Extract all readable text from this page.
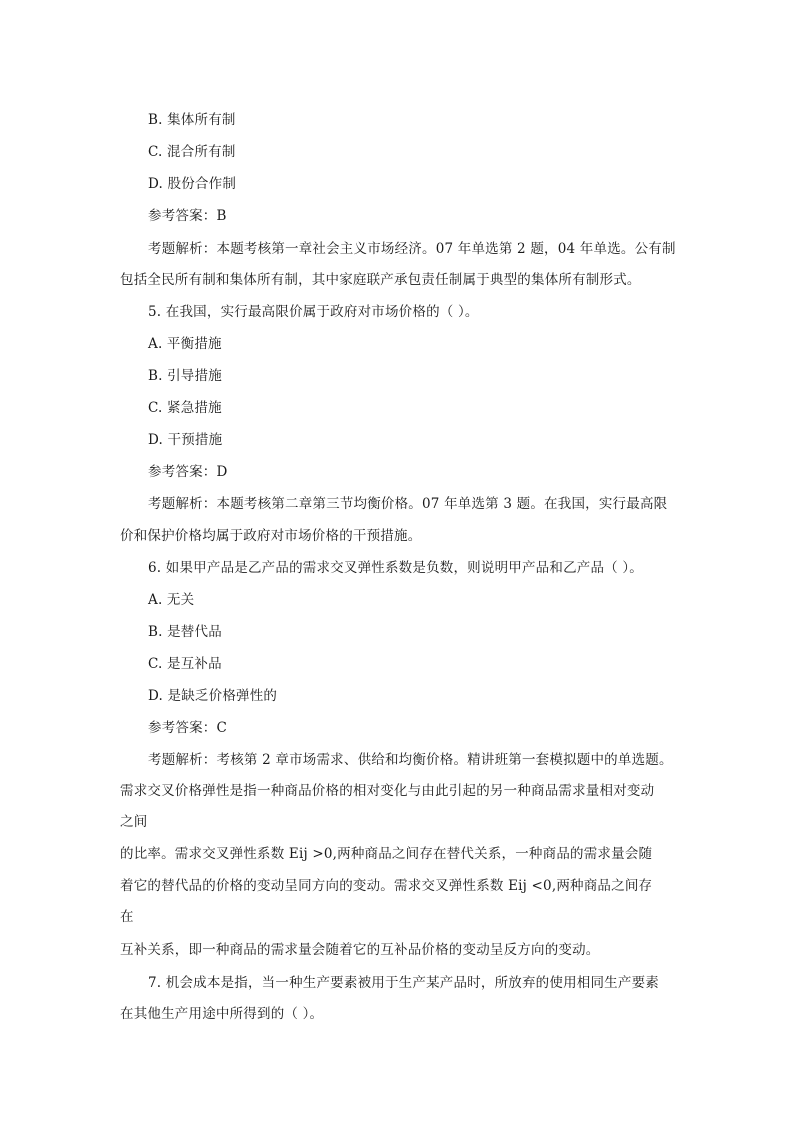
B. 集体所有制
C. 混合所有制
D. 股份合作制
参考答案：B
考题解析：本题考核第一章社会主义市场经济。07 年单选第 2 题，04 年单选。公有制
包括全民所有制和集体所有制，其中家庭联产承包责任制属于典型的集体所有制形式。
5. 在我国，实行最高限价属于政府对市场价格的（ ）。
A. 平衡措施
B. 引导措施
C. 紧急措施
D. 干预措施
参考答案：D
考题解析：本题考核第二章第三节均衡价格。07 年单选第 3 题。在我国，实行最高限
价和保护价格均属于政府对市场价格的干预措施。
6. 如果甲产品是乙产品的需求交叉弹性系数是负数，则说明甲产品和乙产品（ ）。
A. 无关
B. 是替代品
C. 是互补品
D. 是缺乏价格弹性的
参考答案：C
考题解析：考核第 2 章市场需求、供给和均衡价格。精讲班第一套模拟题中的单选题。
需求交叉价格弹性是指一种商品价格的相对变化与由此引起的另一种商品需求量相对变动
之间
的比率。需求交叉弹性系数 Eij >0,两种商品之间存在替代关系，一种商品的需求量会随
着它的替代品的价格的变动呈同方向的变动。需求交叉弹性系数 Eij <0,两种商品之间存
在
互补关系，即一种商品的需求量会随着它的互补品价格的变动呈反方向的变动。
7. 机会成本是指，当一种生产要素被用于生产某产品时，所放弃的使用相同生产要素
在其他生产用途中所得到的（ ）。
